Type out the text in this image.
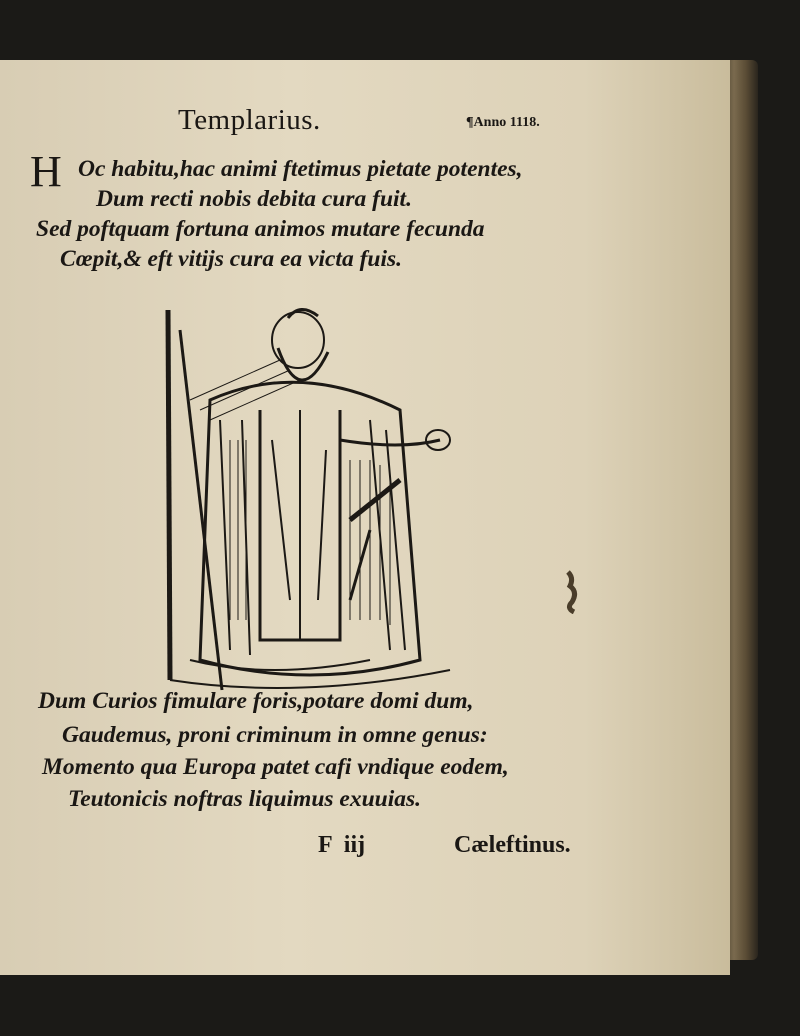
Templarius.	¶Anno 1118.
H Oc habitu,hac animi ftetimus pietate potentes,
Dum recti nobis debita cura fuit.
Sed poftquam fortuna animos mutare fecunda
Cœpit,& eft vitijs cura ea victa fuis.
Dum Curios fimulare foris,potare domi dum,
Gaudemus, proni criminum in omne genus:
Momento qua Europa patet cafi vndique eodem,
Teutonicis noftras liquimus exuuias.
F  iij	Cæleftinus.
